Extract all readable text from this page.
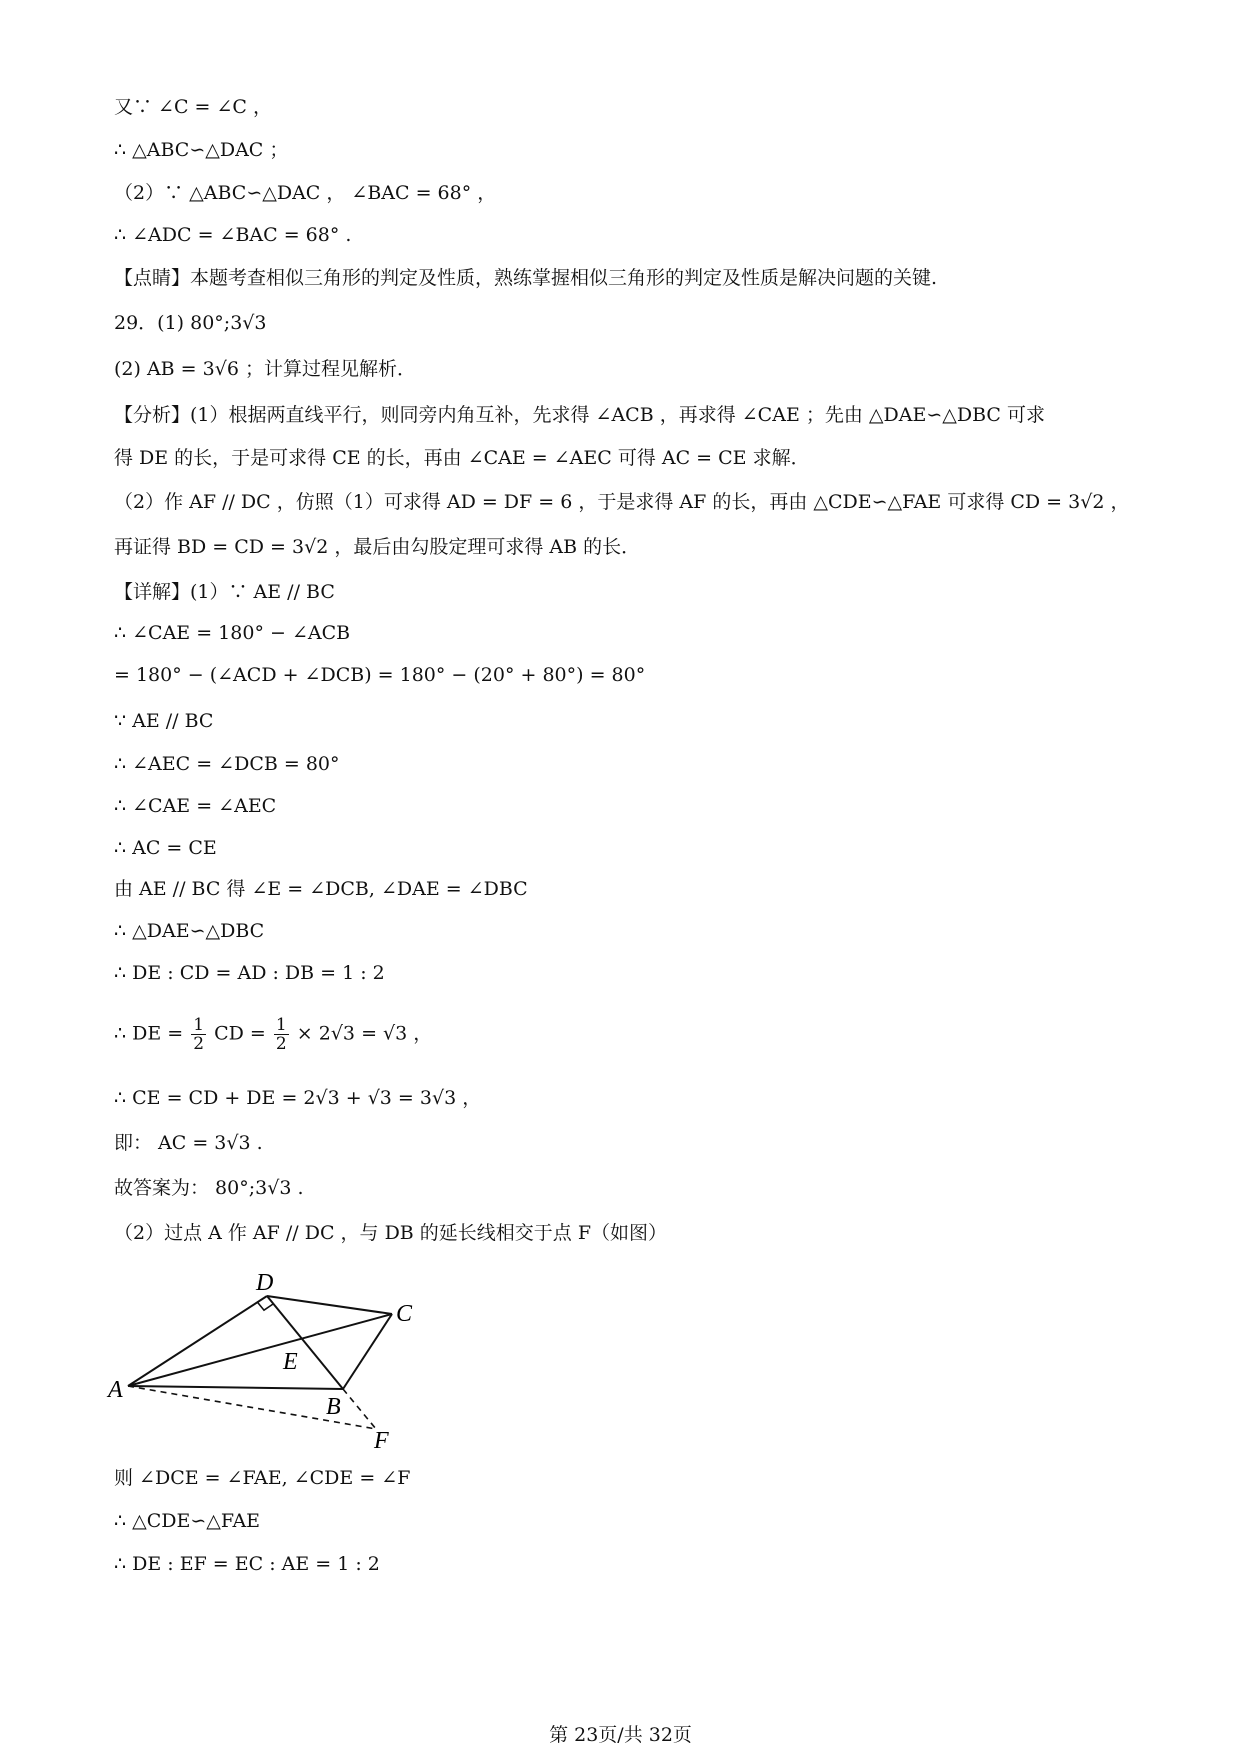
又∵ ∠C = ∠C ，
∴ △ABC∽△DAC ；
（2）∵ △ABC∽△DAC ， ∠BAC = 68° ，
∴ ∠ADC = ∠BAC = 68° .
【点睛】本题考查相似三角形的判定及性质，熟练掌握相似三角形的判定及性质是解决问题的关键.
29．(1) 80°;3√3
(2) AB = 3√6 ；计算过程见解析．
【分析】(1）根据两直线平行，则同旁内角互补，先求得 ∠ACB ，再求得 ∠CAE ；先由 △DAE∽△DBC 可求
得 DE 的长，于是可求得 CE 的长，再由 ∠CAE = ∠AEC 可得 AC = CE 求解．
（2）作 AF // DC ，仿照（1）可求得 AD = DF = 6 ，于是求得 AF 的长，再由 △CDE∽△FAE 可求得 CD = 3√2 ，
再证得 BD = CD = 3√2 ，最后由勾股定理可求得 AB 的长．
【详解】(1）∵ AE // BC
∴ ∠CAE = 180° − ∠ACB
= 180° − (∠ACD + ∠DCB) = 180° − (20° + 80°) = 80°
∵ AE // BC
∴ ∠AEC = ∠DCB = 80°
∴ ∠CAE = ∠AEC
∴ AC = CE
由 AE // BC 得 ∠E = ∠DCB, ∠DAE = ∠DBC
∴ △DAE∽△DBC
∴ DE : CD = AD : DB = 1 : 2
∴ DE = $\frac{1}{2}$ CD = $\frac{1}{2} \times 2√3 = √3$ ，
∴ CE = CD + DE = 2√3 + √3 = 3√3 ，
即： AC = 3√3 .
故答案为： 80°;3√3 .
（2）过点 A 作 AF // DC ，与 DB 的延长线相交于点 F（如图）
D
C
E
A
B
F
则 ∠DCE = ∠FAE, ∠CDE = ∠F
∴ △CDE∽△FAE
∴ DE : EF = EC : AE = 1 : 2
第 23页/共 32页
